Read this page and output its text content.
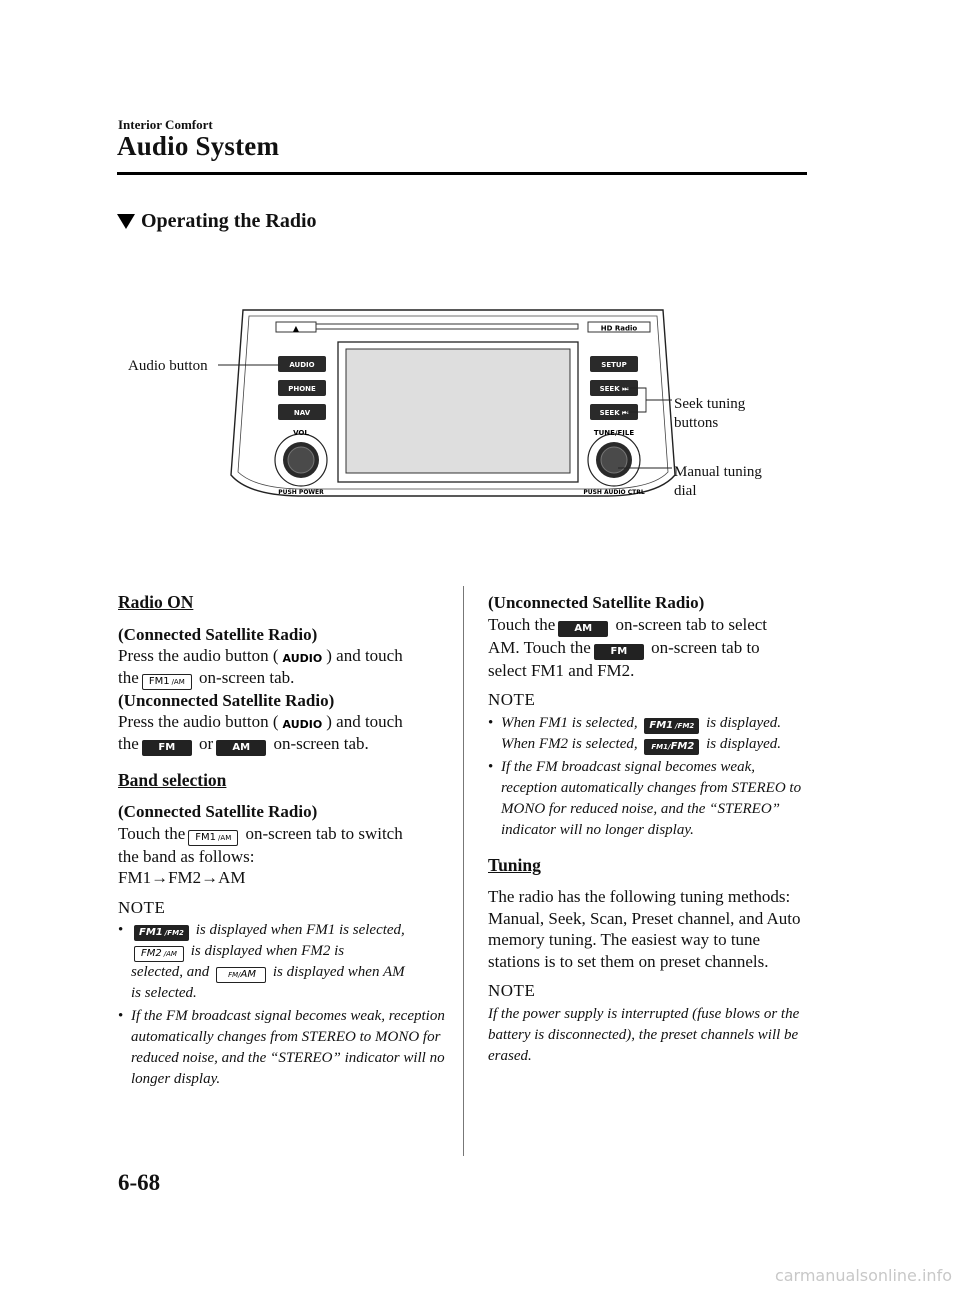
Interior Comfort
Audio System
Operating the Radio
▲	HD Radio
AUDIO
PHONE
NAV
SETUP
SEEK ⏭
SEEK ⏮
VOL
PUSH POWER
TUNE/FILE
PUSH AUDIO CTRL
Audio button
Seek tuning
buttons
Manual tuning
dial

Radio ON

(Connected Satellite Radio)

Press the audio button ( AUDIO ) and touch
the FM1 /AM on-screen tab.

(Unconnected Satellite Radio)

Press the audio button ( AUDIO ) and touch
the FM or AM on-screen tab.

Band selection

(Connected Satellite Radio)

Touch the FM1 /AM on-screen tab to switch
the band as follows:
FM1→FM2→AM

NOTE

• FM1 /FM2 is displayed when FM1 is selected,

FM2 /AM is displayed when FM2 is
selected, and	FM/ AM is displayed when AM
is selected.
• If the FM broadcast signal becomes weak, reception automatically changes from STEREO to MONO for reduced noise, and the “STEREO” indicator will no longer display.

(Unconnected Satellite Radio)

Touch the AM on-screen tab to select
AM. Touch the FM on-screen tab to
select FM1 and FM2.

NOTE

• When FM1 is selected, FM1 /FM2 is displayed.
When FM2 is selected, FM1/ FM2 is displayed.
• If the FM broadcast signal becomes weak, reception automatically changes from STEREO to MONO for reduced noise, and the “STEREO” indicator will no longer display.

Tuning

The radio has the following tuning methods: Manual, Seek, Scan, Preset channel, and Auto memory tuning. The easiest way to tune stations is to set them on preset channels.

NOTE

If the power supply is interrupted (fuse blows or the battery is disconnected), the preset channels will be erased.

6-68
carmanualsonline.info
